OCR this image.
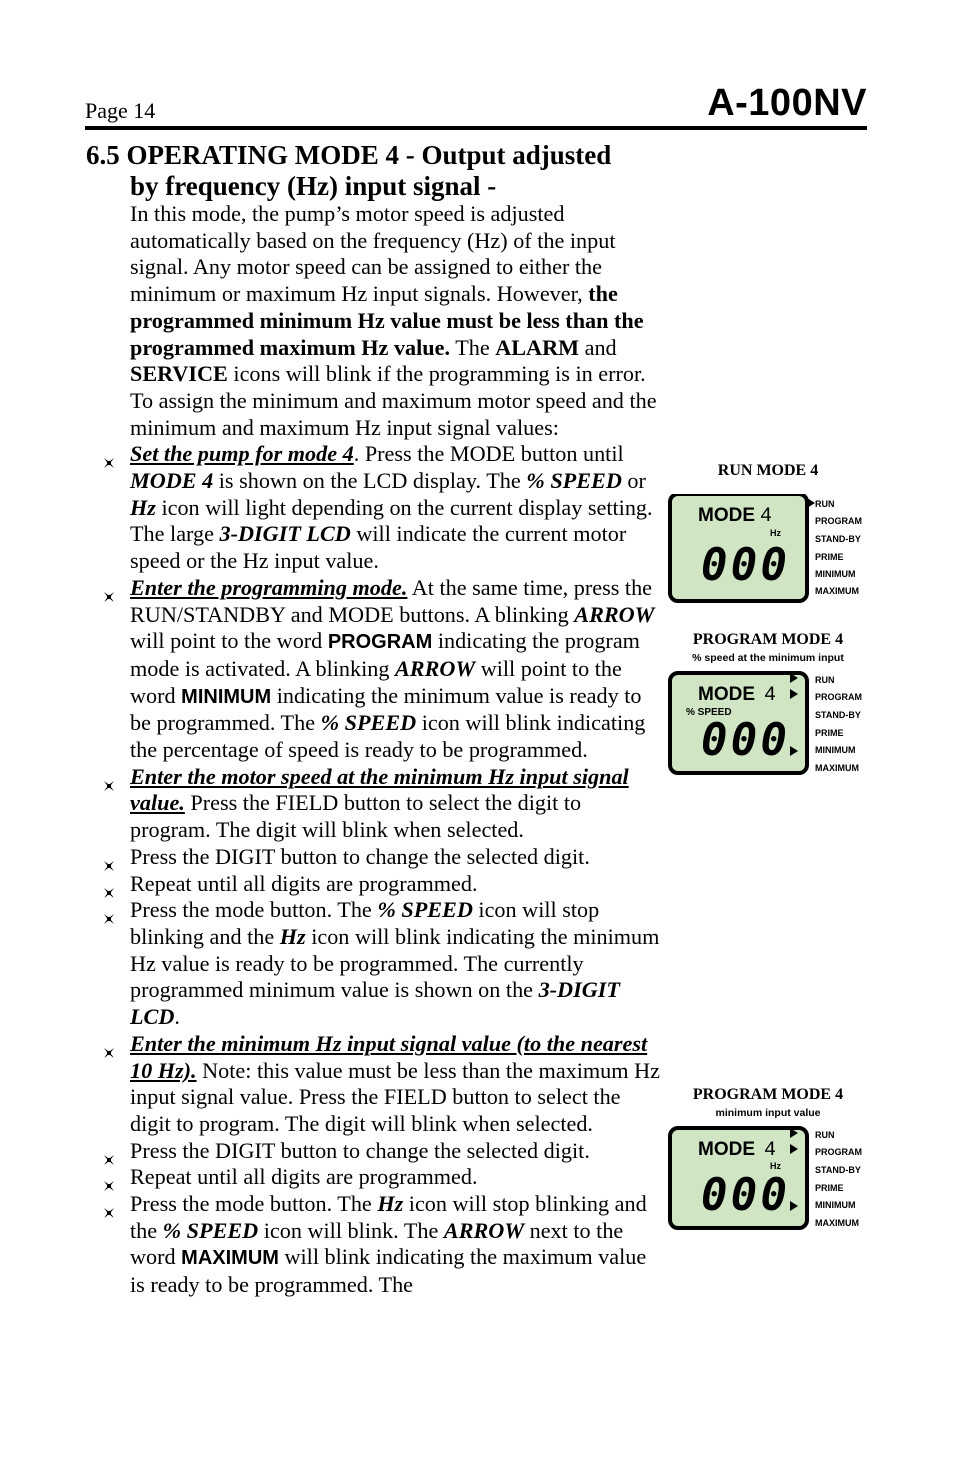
Page 14	A-100NV
6.5 OPERATING MODE 4 - Output adjusted
by frequency (Hz) input signal -

In this mode, the pump’s motor speed is adjusted automatically based on the frequency (Hz) of the input signal. Any motor speed can be assigned to either the minimum or maximum Hz input signals. However, the programmed minimum Hz value must be less than the programmed maximum Hz value. The ALARM and SERVICE icons will blink if the programming is in error. To assign the minimum and maximum motor speed and the minimum and maximum Hz input signal values:

Set the pump for mode 4. Press the MODE button until MODE 4 is shown on the LCD display. The % SPEED or Hz icon will light depending on the current display setting. The large 3-DIGIT LCD will indicate the current motor speed or the Hz input value.
Enter the programming mode. At the same time, press the RUN/STANDBY and MODE buttons. A blinking ARROW will point to the word PROGRAM indicating the program mode is activated. A blinking ARROW will point to the word MINIMUM indicating the minimum value is ready to be programmed. The % SPEED icon will blink indicating the percentage of speed is ready to be programmed.
Enter the motor speed at the minimum Hz input signal value. Press the FIELD button to select the digit to program. The digit will blink when selected.
Press the DIGIT button to change the selected digit.
Repeat until all digits are programmed.
Press the mode button. The % SPEED icon will stop blinking and the Hz icon will blink indicating the minimum Hz value is ready to be programmed. The currently programmed minimum value is shown on the 3-DIGIT LCD.
Enter the minimum Hz input signal value (to the nearest 10 Hz). Note: this value must be less than the maximum Hz input signal value. Press the FIELD button to select the digit to program. The digit will blink when selected.
Press the DIGIT button to change the selected digit.
Repeat until all digits are programmed.
Press the mode button. The Hz icon will stop blinking and the % SPEED icon will blink. The ARROW next to the word MAXIMUM will blink indicating the maximum value is ready to be programmed. The
RUN MODE 4
MODE 4
Hz
000
RUN
PROGRAM
STAND-BY
PRIME
MINIMUM
MAXIMUM
PROGRAM MODE 4
% speed at the minimum input
MODE 4
% SPEED
000
RUN
PROGRAM
STAND-BY
PRIME
MINIMUM
MAXIMUM
PROGRAM MODE 4
minimum input value
MODE 4
Hz
000
RUN
PROGRAM
STAND-BY
PRIME
MINIMUM
MAXIMUM
